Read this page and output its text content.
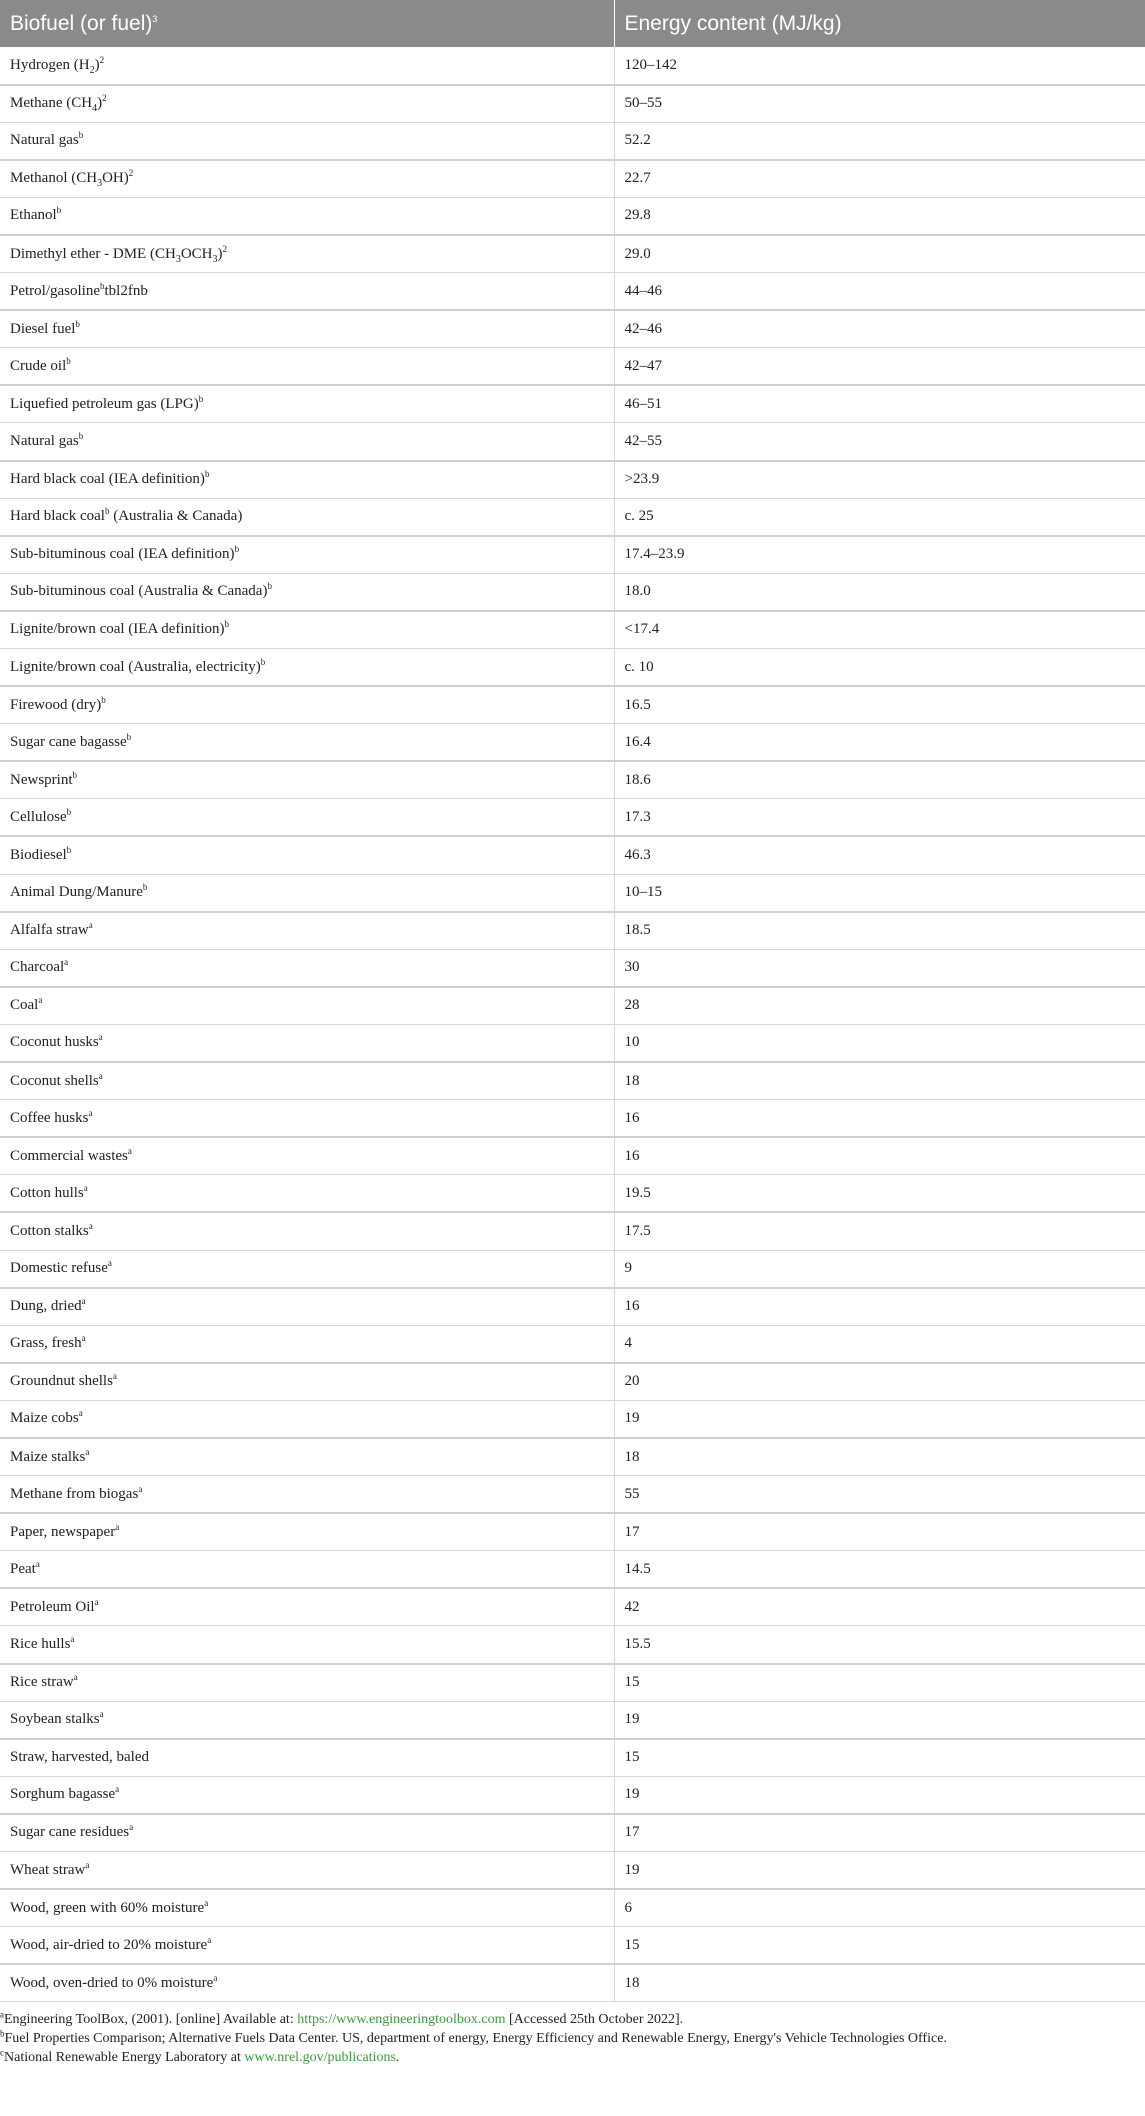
Biofuel (or fuel)$^3$	Energy content (MJ/kg)
Hydrogen $(H_2)^2$	120–142
Methane $(CH_4)^2$	50–55
Natural gas$^b$	52.2
Methanol $(CH_3OH)^2$	22.7
Ethanol$^b$	29.8
Dimethyl ether - DME $(CH_3OCH_3)^2$	29.0
Petrol/gasoline$^b$tbl2fnb	44–46
Diesel fuel$^b$	42–46
Crude oil$^b$	42–47
Liquefied petroleum gas (LPG)$^b$	46–51
Natural gas$^b$	42–55
Hard black coal (IEA definition)$^b$	>23.9
Hard black coal$^b$ (Australia & Canada)	c. 25
Sub-bituminous coal (IEA definition)$^b$	17.4–23.9
Sub-bituminous coal (Australia & Canada)$^b$	18.0
Lignite/brown coal (IEA definition)$^b$	<17.4
Lignite/brown coal (Australia, electricity)$^b$	c. 10
Firewood (dry)$^b$	16.5
Sugar cane bagasse$^b$	16.4
Newsprint$^b$	18.6
Cellulose$^b$	17.3
Biodiesel$^b$	46.3
Animal Dung/Manure$^b$	10–15
Alfalfa straw$^a$	18.5
Charcoal$^a$	30
Coal$^a$	28
Coconut husks$^a$	10
Coconut shells$^a$	18
Coffee husks$^a$	16
Commercial wastes$^a$	16
Cotton hulls$^a$	19.5
Cotton stalks$^a$	17.5
Domestic refuse$^a$	9
Dung, dried$^a$	16
Grass, fresh$^a$	4
Groundnut shells$^a$	20
Maize cobs$^a$	19
Maize stalks$^a$	18
Methane from biogas$^a$	55
Paper, newspaper$^a$	17
Peat$^a$	14.5
Petroleum Oil$^a$	42
Rice hulls$^a$	15.5
Rice straw$^a$	15
Soybean stalks$^a$	19
Straw, harvested, baled	15
Sorghum bagasse$^a$	19
Sugar cane residues$^a$	17
Wheat straw$^a$	19
Wood, green with 60% moisture$^a$	6
Wood, air-dried to 20% moisture$^a$	15
Wood, oven-dried to 0% moisture$^a$	18
$^a$Engineering ToolBox, (2001). [online] Available at: https://www.engineeringtoolbox.com [Accessed 25th October 2022].
$^b$Fuel Properties Comparison; Alternative Fuels Data Center. US, department of energy, Energy Efficiency and Renewable Energy, Energy's Vehicle Technologies Office.
$^c$National Renewable Energy Laboratory at www.nrel.gov/publications.
